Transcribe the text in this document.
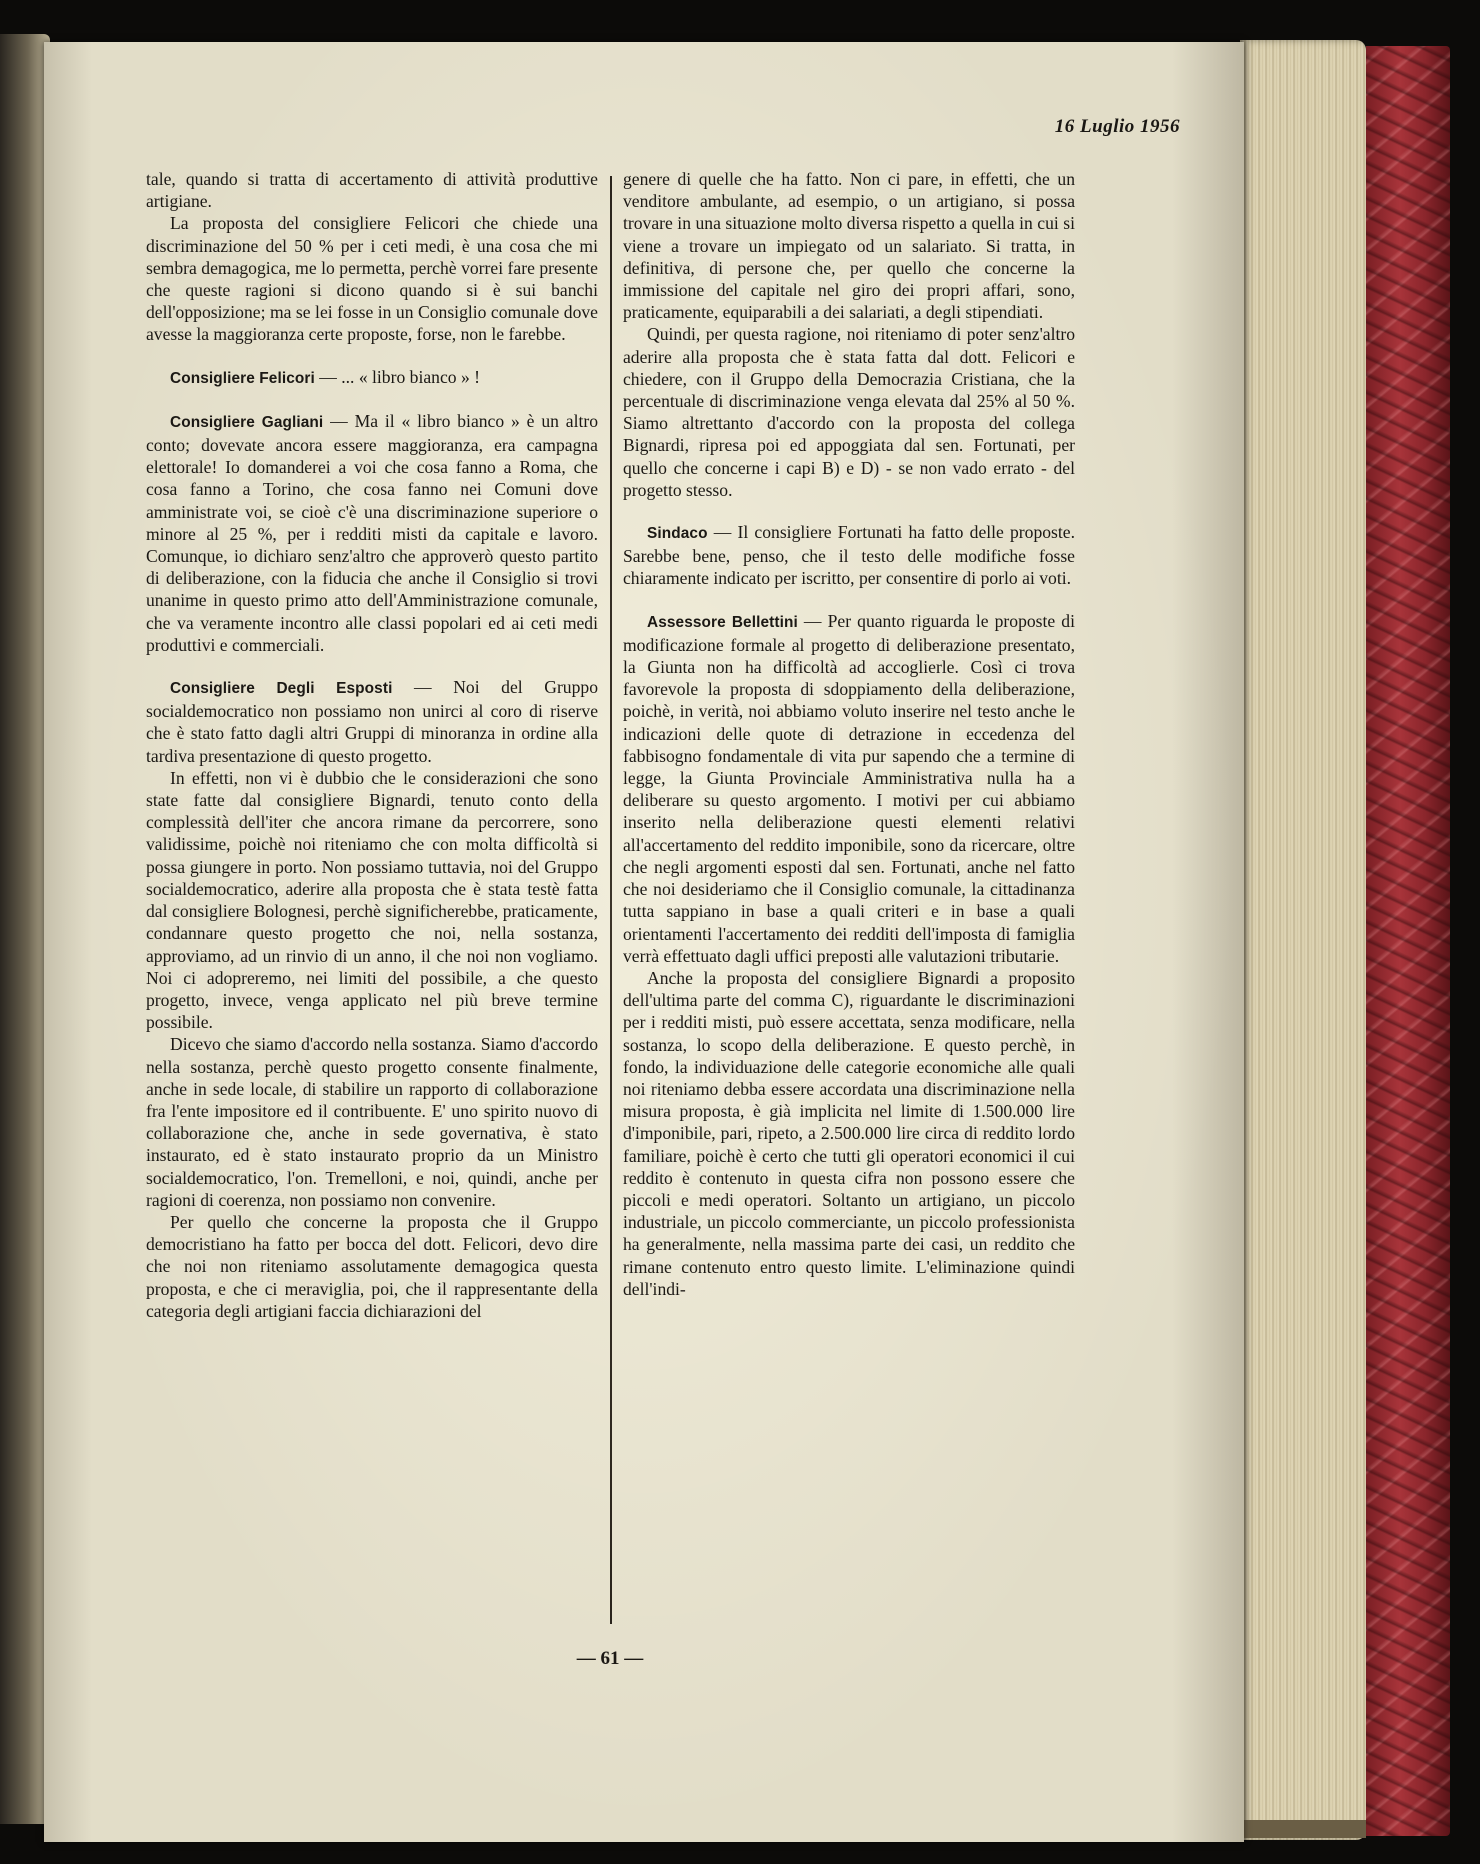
16 Luglio 1956

tale, quando si tratta di accertamento di attività produttive artigiane.

La proposta del consigliere Felicori che chiede una discriminazione del 50 % per i ceti medi, è una cosa che mi sembra demagogica, me lo permetta, perchè vorrei fare presente che queste ragioni si dicono quando si è sui banchi dell'opposizione; ma se lei fosse in un Consiglio comunale dove avesse la maggioranza certe proposte, forse, non le farebbe.

Consigliere Felicori — ... « libro bianco » !

Consigliere Gagliani — Ma il « libro bianco » è un altro conto; dovevate ancora essere maggioranza, era campagna elettorale! Io domanderei a voi che cosa fanno a Roma, che cosa fanno a Torino, che cosa fanno nei Comuni dove amministrate voi, se cioè c'è una discriminazione superiore o minore al 25 %, per i redditi misti da capitale e lavoro. Comunque, io dichiaro senz'altro che approverò questo partito di deliberazione, con la fiducia che anche il Consiglio si trovi unanime in questo primo atto dell'Amministrazione comunale, che va veramente incontro alle classi popolari ed ai ceti medi produttivi e commerciali.

Consigliere Degli Esposti — Noi del Gruppo socialdemocratico non possiamo non unirci al coro di riserve che è stato fatto dagli altri Gruppi di minoranza in ordine alla tardiva presentazione di questo progetto.

In effetti, non vi è dubbio che le considerazioni che sono state fatte dal consigliere Bignardi, tenuto conto della complessità dell'iter che ancora rimane da percorrere, sono validissime, poichè noi riteniamo che con molta difficoltà si possa giungere in porto. Non possiamo tuttavia, noi del Gruppo socialdemocratico, aderire alla proposta che è stata testè fatta dal consigliere Bolognesi, perchè significherebbe, praticamente, condannare questo progetto che noi, nella sostanza, approviamo, ad un rinvio di un anno, il che noi non vogliamo. Noi ci adopreremo, nei limiti del possibile, a che questo progetto, invece, venga applicato nel più breve termine possibile.

Dicevo che siamo d'accordo nella sostanza. Siamo d'accordo nella sostanza, perchè questo progetto consente finalmente, anche in sede locale, di stabilire un rapporto di collaborazione fra l'ente impositore ed il contribuente. E' uno spirito nuovo di collaborazione che, anche in sede governativa, è stato instaurato, ed è stato instaurato proprio da un Ministro socialdemocratico, l'on. Tremelloni, e noi, quindi, anche per ragioni di coerenza, non possiamo non convenire.

Per quello che concerne la proposta che il Gruppo democristiano ha fatto per bocca del dott. Felicori, devo dire che noi non riteniamo assolutamente demagogica questa proposta, e che ci meraviglia, poi, che il rappresentante della categoria degli artigiani faccia dichiarazioni del

genere di quelle che ha fatto. Non ci pare, in effetti, che un venditore ambulante, ad esempio, o un artigiano, si possa trovare in una situazione molto diversa rispetto a quella in cui si viene a trovare un impiegato od un salariato. Si tratta, in definitiva, di persone che, per quello che concerne la immissione del capitale nel giro dei propri affari, sono, praticamente, equiparabili a dei salariati, a degli stipendiati.

Quindi, per questa ragione, noi riteniamo di poter senz'altro aderire alla proposta che è stata fatta dal dott. Felicori e chiedere, con il Gruppo della Democrazia Cristiana, che la percentuale di discriminazione venga elevata dal 25% al 50 %. Siamo altrettanto d'accordo con la proposta del collega Bignardi, ripresa poi ed appoggiata dal sen. Fortunati, per quello che concerne i capi B) e D) - se non vado errato - del progetto stesso.

Sindaco — Il consigliere Fortunati ha fatto delle proposte. Sarebbe bene, penso, che il testo delle modifiche fosse chiaramente indicato per iscritto, per consentire di porlo ai voti.

Assessore Bellettini — Per quanto riguarda le proposte di modificazione formale al progetto di deliberazione presentato, la Giunta non ha difficoltà ad accoglierle. Così ci trova favorevole la proposta di sdoppiamento della deliberazione, poichè, in verità, noi abbiamo voluto inserire nel testo anche le indicazioni delle quote di detrazione in eccedenza del fabbisogno fondamentale di vita pur sapendo che a termine di legge, la Giunta Provinciale Amministrativa nulla ha a deliberare su questo argomento. I motivi per cui abbiamo inserito nella deliberazione questi elementi relativi all'accertamento del reddito imponibile, sono da ricercare, oltre che negli argomenti esposti dal sen. Fortunati, anche nel fatto che noi desideriamo che il Consiglio comunale, la cittadinanza tutta sappiano in base a quali criteri e in base a quali orientamenti l'accertamento dei redditi dell'imposta di famiglia verrà effettuato dagli uffici preposti alle valutazioni tributarie.

Anche la proposta del consigliere Bignardi a proposito dell'ultima parte del comma C), riguardante le discriminazioni per i redditi misti, può essere accettata, senza modificare, nella sostanza, lo scopo della deliberazione. E questo perchè, in fondo, la individuazione delle categorie economiche alle quali noi riteniamo debba essere accordata una discriminazione nella misura proposta, è già implicita nel limite di 1.500.000 lire d'imponibile, pari, ripeto, a 2.500.000 lire circa di reddito lordo familiare, poichè è certo che tutti gli operatori economici il cui reddito è contenuto in questa cifra non possono essere che piccoli e medi operatori. Soltanto un artigiano, un piccolo industriale, un piccolo commerciante, un piccolo professionista ha generalmente, nella massima parte dei casi, un reddito che rimane contenuto entro questo limite. L'eliminazione quindi dell'indi-

— 61 —
